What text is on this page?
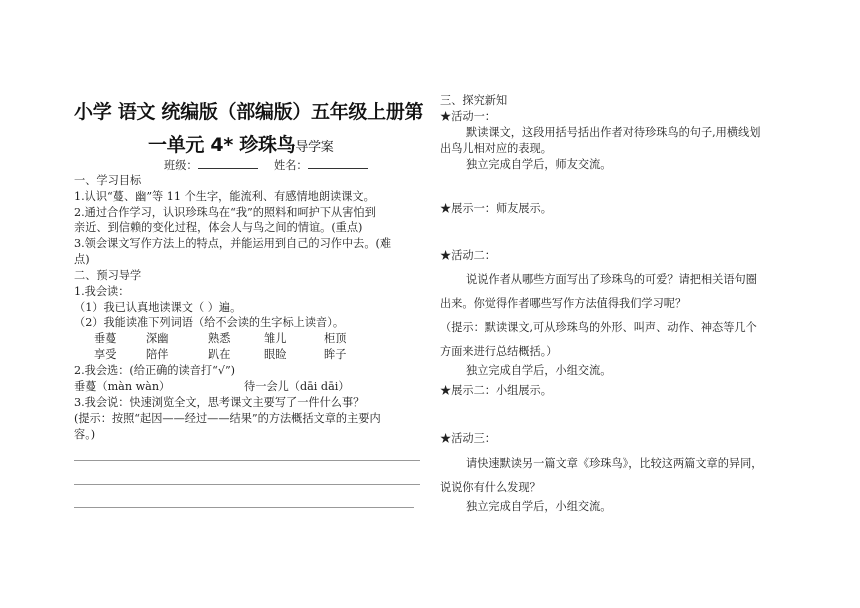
小学 语文 统编版（部编版）五年级上册第
一单元 4* 珍珠鸟导学案
班级：	姓名：
一、学习目标
1.认识“蔓、幽”等 11 个生字，能流利、有感情地朗读课文。
2.通过合作学习，认识珍珠鸟在“我”的照料和呵护下从害怕到
亲近、到信赖的变化过程，体会人与鸟之间的情谊。(重点)
3.领会课文写作方法上的特点，并能运用到自己的习作中去。(难
点)
二、预习导学
1.我会读：
（1）我已认真地读课文（ ）遍。
（2）我能读准下列词语（给不会读的生字标上读音）。
垂蔓	深幽	熟悉	雏儿	柜顶
享受	陪伴	趴在	眼睑	眸子
2.我会选：(给正确的读音打“√”)
垂蔓（màn wàn）	待一会儿（dāi dāi）
3.我会说：快速浏览全文，思考课文主要写了一件什么事？
(提示：按照“起因——经过——结果”的方法概括文章的主要内
容。)
三、探究新知
★活动一：
默读课文，这段用括号括出作者对待珍珠鸟的句子,用横线划
出鸟儿相对应的表现。
独立完成自学后，师友交流。
★展示一：师友展示。
★活动二：
说说作者从哪些方面写出了珍珠鸟的可爱？请把相关语句圈
出来。你觉得作者哪些写作方法值得我们学习呢？
（提示：默读课文,可从珍珠鸟的外形、叫声、动作、神态等几个
方面来进行总结概括。）
独立完成自学后，小组交流。
★展示二：小组展示。
★活动三：
请快速默读另一篇文章《珍珠鸟》，比较这两篇文章的异同，
说说你有什么发现？
独立完成自学后，小组交流。
